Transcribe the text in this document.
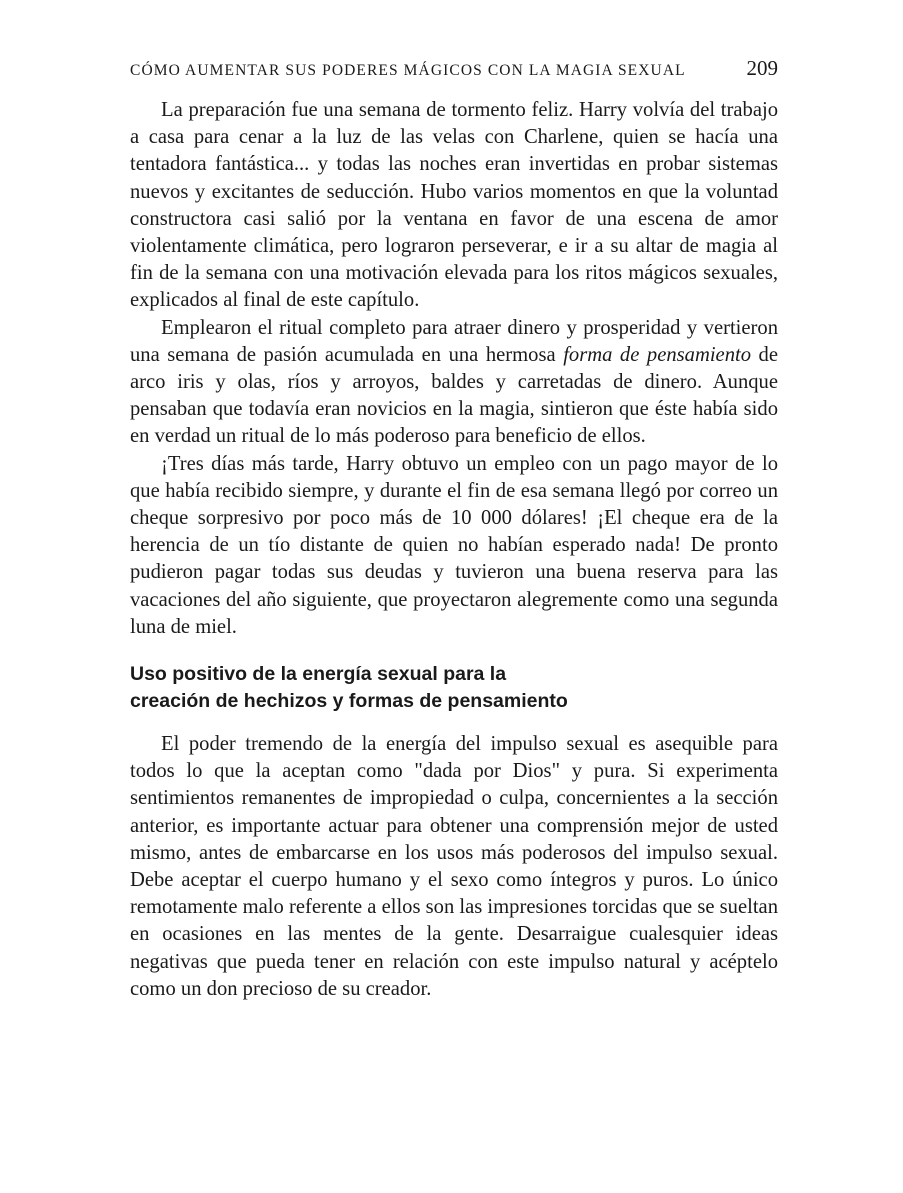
CÓMO AUMENTAR SUS PODERES MÁGICOS CON LA MAGIA SEXUAL	209

La preparación fue una semana de tormento feliz. Harry volvía del trabajo a casa para cenar a la luz de las velas con Charlene, quien se hacía una tentadora fantástica... y todas las noches eran invertidas en probar sistemas nuevos y excitantes de seducción. Hubo varios momentos en que la voluntad constructora casi salió por la ventana en favor de una escena de amor violentamente climática, pero lograron perseverar, e ir a su altar de magia al fin de la semana con una motivación elevada para los ritos mágicos sexuales, explicados al final de este capítulo.

Emplearon el ritual completo para atraer dinero y prosperidad y vertieron una semana de pasión acumulada en una hermosa forma de pensamiento de arco iris y olas, ríos y arroyos, baldes y carretadas de dinero. Aunque pensaban que todavía eran novicios en la magia, sintieron que éste había sido en verdad un ritual de lo más poderoso para beneficio de ellos.

¡Tres días más tarde, Harry obtuvo un empleo con un pago mayor de lo que había recibido siempre, y durante el fin de esa semana llegó por correo un cheque sorpresivo por poco más de 10 000 dólares! ¡El cheque era de la herencia de un tío distante de quien no habían esperado nada! De pronto pudieron pagar todas sus deudas y tuvieron una buena reserva para las vacaciones del año siguiente, que proyectaron alegremente como una segunda luna de miel.

Uso positivo de la energía sexual para la
creación de hechizos y formas de pensamiento

El poder tremendo de la energía del impulso sexual es asequible para todos lo que la aceptan como "dada por Dios" y pura. Si experimenta sentimientos remanentes de impropiedad o culpa, concernientes a la sección anterior, es importante actuar para obtener una comprensión mejor de usted mismo, antes de embarcarse en los usos más poderosos del impulso sexual. Debe aceptar el cuerpo humano y el sexo como íntegros y puros. Lo único remotamente malo referente a ellos son las impresiones torcidas que se sueltan en ocasiones en las mentes de la gente. Desarraigue cualesquier ideas negativas que pueda tener en relación con este impulso natural y acéptelo como un don precioso de su creador.
